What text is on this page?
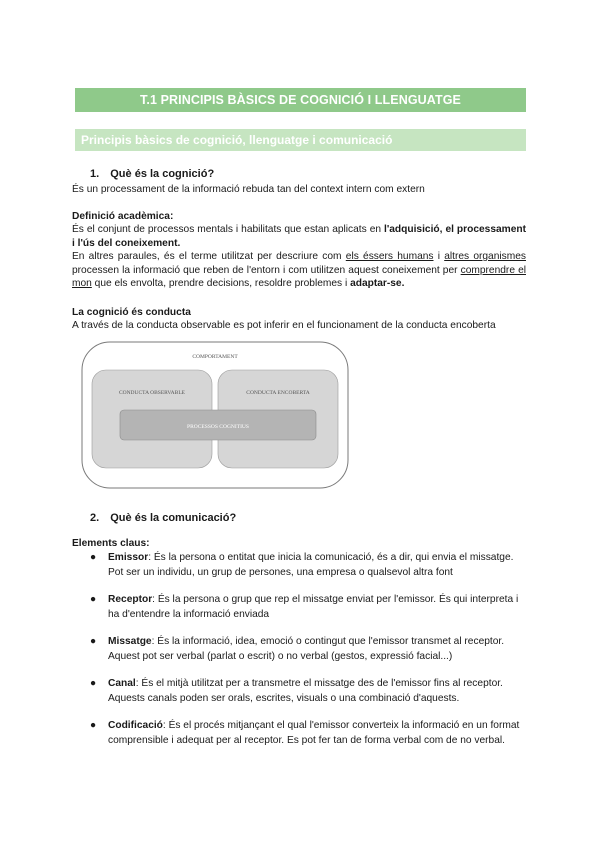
T.1 PRINCIPIS BÀSICS DE COGNICIÓ I LLENGUATGE
Principis bàsics de cognició, llenguatge i comunicació
1. Què és la cognició?
És un processament de la informació rebuda tan del context intern com extern
Definició acadèmica:
És el conjunt de processos mentals i habilitats que estan aplicats en l'adquisició, el processament i l'ús del coneixement.
En altres paraules, és el terme utilitzat per descriure com els éssers humans i altres organismes processen la informació que reben de l'entorn i com utilitzen aquest coneixement per comprendre el mon que els envolta, prendre decisions, resoldre problemes i adaptar-se.
La cognició és conducta
A través de la conducta observable es pot inferir en el funcionament de la conducta encoberta
COMPORTAMENT
CONDUCTA OBSERVABLE	CONDUCTA ENCOBERTA
PROCESSOS COGNITIUS
2. Què és la comunicació?
Elements claus:
● Emissor: És la persona o entitat que inicia la comunicació, és a dir, qui envia el missatge. Pot ser un individu, un grup de persones, una empresa o qualsevol altra font
● Receptor: És la persona o grup que rep el missatge enviat per l'emissor. És qui interpreta i ha d'entendre la informació enviada
● Missatge: És la informació, idea, emoció o contingut que l'emissor transmet al receptor. Aquest pot ser verbal (parlat o escrit) o no verbal (gestos, expressió facial...)
● Canal: És el mitjà utilitzat per a transmetre el missatge des de l'emissor fins al receptor. Aquests canals poden ser orals, escrites, visuals o una combinació d'aquests.
● Codificació: És el procés mitjançant el qual l'emissor converteix la informació en un format comprensible i adequat per al receptor. Es pot fer tan de forma verbal com de no verbal.
